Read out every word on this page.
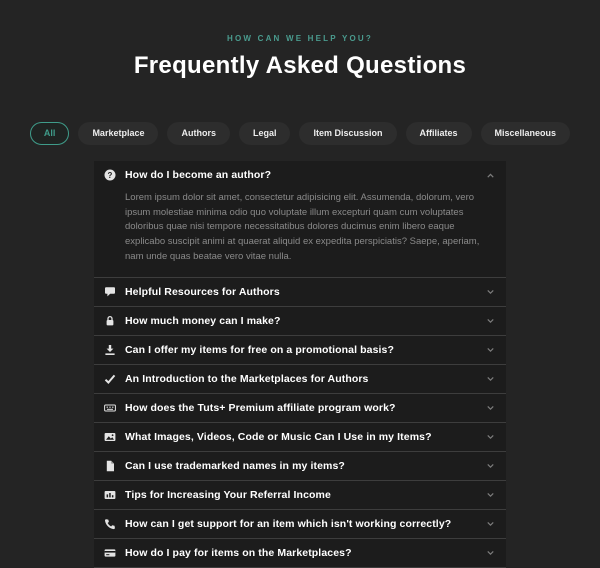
HOW CAN WE HELP YOU?
Frequently Asked Questions
All	Marketplace	Authors	Legal	Item Discussion	Affiliates	Miscellaneous
? How do I become an author?
Lorem ipsum dolor sit amet, consectetur adipisicing elit. Assumenda, dolorum, vero ipsum molestiae minima odio quo voluptate illum excepturi quam cum voluptates doloribus quae nisi tempore necessitatibus dolores ducimus enim libero eaque explicabo suscipit animi at quaerat aliquid ex expedita perspiciatis? Saepe, aperiam, nam unde quas beatae vero vitae nulla.
Helpful Resources for Authors
How much money can I make?
Can I offer my items for free on a promotional basis?
An Introduction to the Marketplaces for Authors
How does the Tuts+ Premium affiliate program work?
What Images, Videos, Code or Music Can I Use in my Items?
Can I use trademarked names in my items?
Tips for Increasing Your Referral Income
How can I get support for an item which isn't working correctly?
How do I pay for items on the Marketplaces?
